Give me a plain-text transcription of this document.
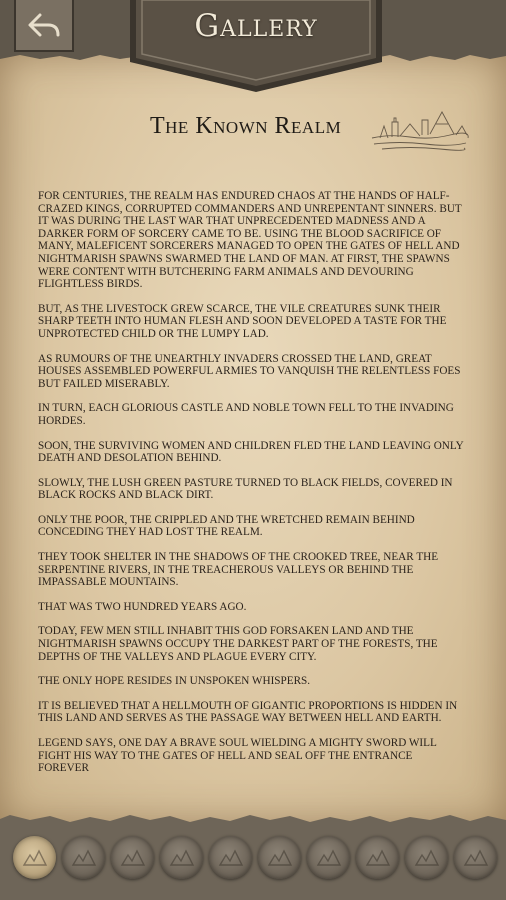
Gallery
The Known Realm

FOR CENTURIES, THE REALM HAS ENDURED CHAOS AT THE HANDS OF HALF-CRAZED KINGS, CORRUPTED COMMANDERS AND UNREPENTANT SINNERS. BUT IT WAS DURING THE LAST WAR THAT UNPRECEDENTED MADNESS AND A DARKER FORM OF SORCERY CAME TO BE. USING THE BLOOD SACRIFICE OF MANY, MALEFICENT SORCERERS MANAGED TO OPEN THE GATES OF HELL AND NIGHTMARISH SPAWNS SWARMED THE LAND OF MAN. AT FIRST, THE SPAWNS WERE CONTENT WITH BUTCHERING FARM ANIMALS AND DEVOURING FLIGHTLESS BIRDS.

BUT, AS THE LIVESTOCK GREW SCARCE, THE VILE CREATURES SUNK THEIR SHARP TEETH INTO HUMAN FLESH AND SOON DEVELOPED A TASTE FOR THE UNPROTECTED CHILD OR THE LUMPY LAD.

AS RUMOURS OF THE UNEARTHLY INVADERS CROSSED THE LAND, GREAT HOUSES ASSEMBLED POWERFUL ARMIES TO VANQUISH THE RELENTLESS FOES BUT FAILED MISERABLY.

IN TURN, EACH GLORIOUS CASTLE AND NOBLE TOWN FELL TO THE INVADING HORDES.

SOON, THE SURVIVING WOMEN AND CHILDREN FLED THE LAND LEAVING ONLY DEATH AND DESOLATION BEHIND.

SLOWLY, THE LUSH GREEN PASTURE TURNED TO BLACK FIELDS, COVERED IN BLACK ROCKS AND BLACK DIRT.

ONLY THE POOR, THE CRIPPLED AND THE WRETCHED REMAIN BEHIND CONCEDING THEY HAD LOST THE REALM.

THEY TOOK SHELTER IN THE SHADOWS OF THE CROOKED TREE, NEAR THE SERPENTINE RIVERS, IN THE TREACHEROUS VALLEYS OR BEHIND THE IMPASSABLE MOUNTAINS.

THAT WAS TWO HUNDRED YEARS AGO.

TODAY, FEW MEN STILL INHABIT THIS GOD FORSAKEN LAND AND THE NIGHTMARISH SPAWNS OCCUPY THE DARKEST PART OF THE FORESTS, THE DEPTHS OF THE VALLEYS AND PLAGUE EVERY CITY.

THE ONLY HOPE RESIDES IN UNSPOKEN WHISPERS.

IT IS BELIEVED THAT A HELLMOUTH OF GIGANTIC PROPORTIONS IS HIDDEN IN THIS LAND AND SERVES AS THE PASSAGE WAY BETWEEN HELL AND EARTH.

LEGEND SAYS, ONE DAY A BRAVE SOUL WIELDING A MIGHTY SWORD WILL FIGHT HIS WAY TO THE GATES OF HELL AND SEAL OFF THE ENTRANCE FOREVER
